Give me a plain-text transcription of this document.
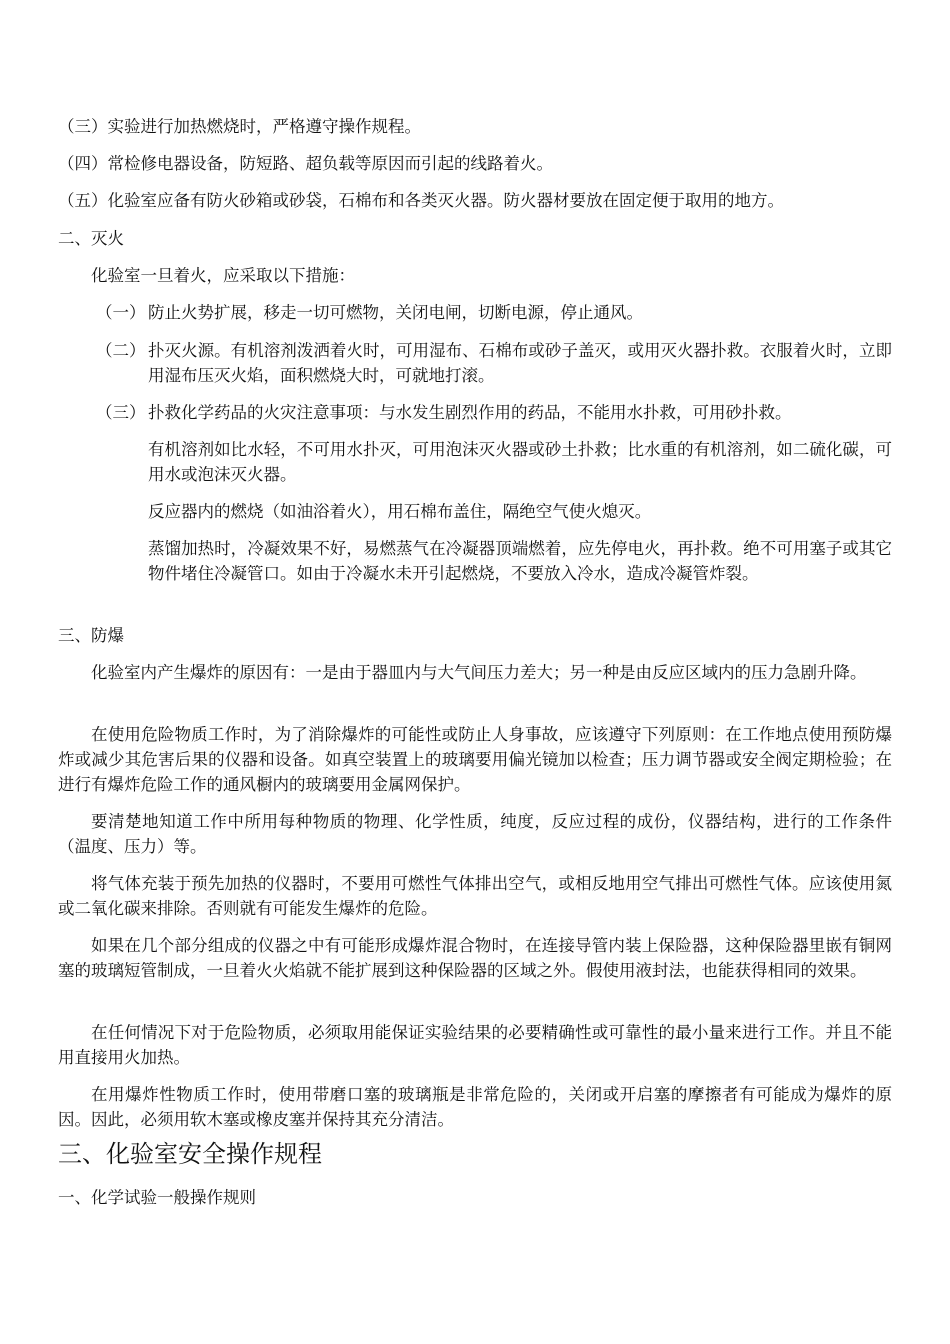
（三）实验进行加热燃烧时，严格遵守操作规程。

（四）常检修电器设备，防短路、超负载等原因而引起的线路着火。

（五）化验室应备有防火砂箱或砂袋，石棉布和各类灭火器。防火器材要放在固定便于取用的地方。

二、灭火

化验室一旦着火，应采取以下措施：

（一） 防止火势扩展，移走一切可燃物，关闭电闸，切断电源，停止通风。
（二） 扑灭火源。有机溶剂泼洒着火时，可用湿布、石棉布或砂子盖灭，或用灭火器扑救。衣服着火时，立即用湿布压灭火焰，面积燃烧大时，可就地打滚。
（三） 扑救化学药品的火灾注意事项：与水发生剧烈作用的药品，不能用水扑救，可用砂扑救。

有机溶剂如比水轻，不可用水扑灭，可用泡沫灭火器或砂土扑救；比水重的有机溶剂，如二硫化碳，可用水或泡沫灭火器。

反应器内的燃烧（如油浴着火），用石棉布盖住，隔绝空气使火熄灭。

蒸馏加热时，冷凝效果不好，易燃蒸气在冷凝器顶端燃着，应先停电火，再扑救。绝不可用塞子或其它物件堵住冷凝管口。如由于冷凝水未开引起燃烧，不要放入冷水，造成冷凝管炸裂。

三、防爆

化验室内产生爆炸的原因有：一是由于器皿内与大气间压力差大；另一种是由反应区域内的压力急剧升降。

在使用危险物质工作时，为了消除爆炸的可能性或防止人身事故，应该遵守下列原则：在工作地点使用预防爆炸或减少其危害后果的仪器和设备。如真空装置上的玻璃要用偏光镜加以检查；压力调节器或安全阀定期检验；在进行有爆炸危险工作的通风橱内的玻璃要用金属网保护。

要清楚地知道工作中所用每种物质的物理、化学性质，纯度，反应过程的成份，仪器结构，进行的工作条件（温度、压力）等。

将气体充装于预先加热的仪器时，不要用可燃性气体排出空气，或相反地用空气排出可燃性气体。应该使用氮或二氧化碳来排除。否则就有可能发生爆炸的危险。

如果在几个部分组成的仪器之中有可能形成爆炸混合物时，在连接导管内装上保险器，这种保险器里嵌有铜网塞的玻璃短管制成，一旦着火火焰就不能扩展到这种保险器的区域之外。假使用液封法，也能获得相同的效果。

在任何情况下对于危险物质，必须取用能保证实验结果的必要精确性或可靠性的最小量来进行工作。并且不能用直接用火加热。

在用爆炸性物质工作时，使用带磨口塞的玻璃瓶是非常危险的，关闭或开启塞的摩擦者有可能成为爆炸的原因。因此，必须用软木塞或橡皮塞并保持其充分清洁。

三、化验室安全操作规程

一、化学试验一般操作规则
